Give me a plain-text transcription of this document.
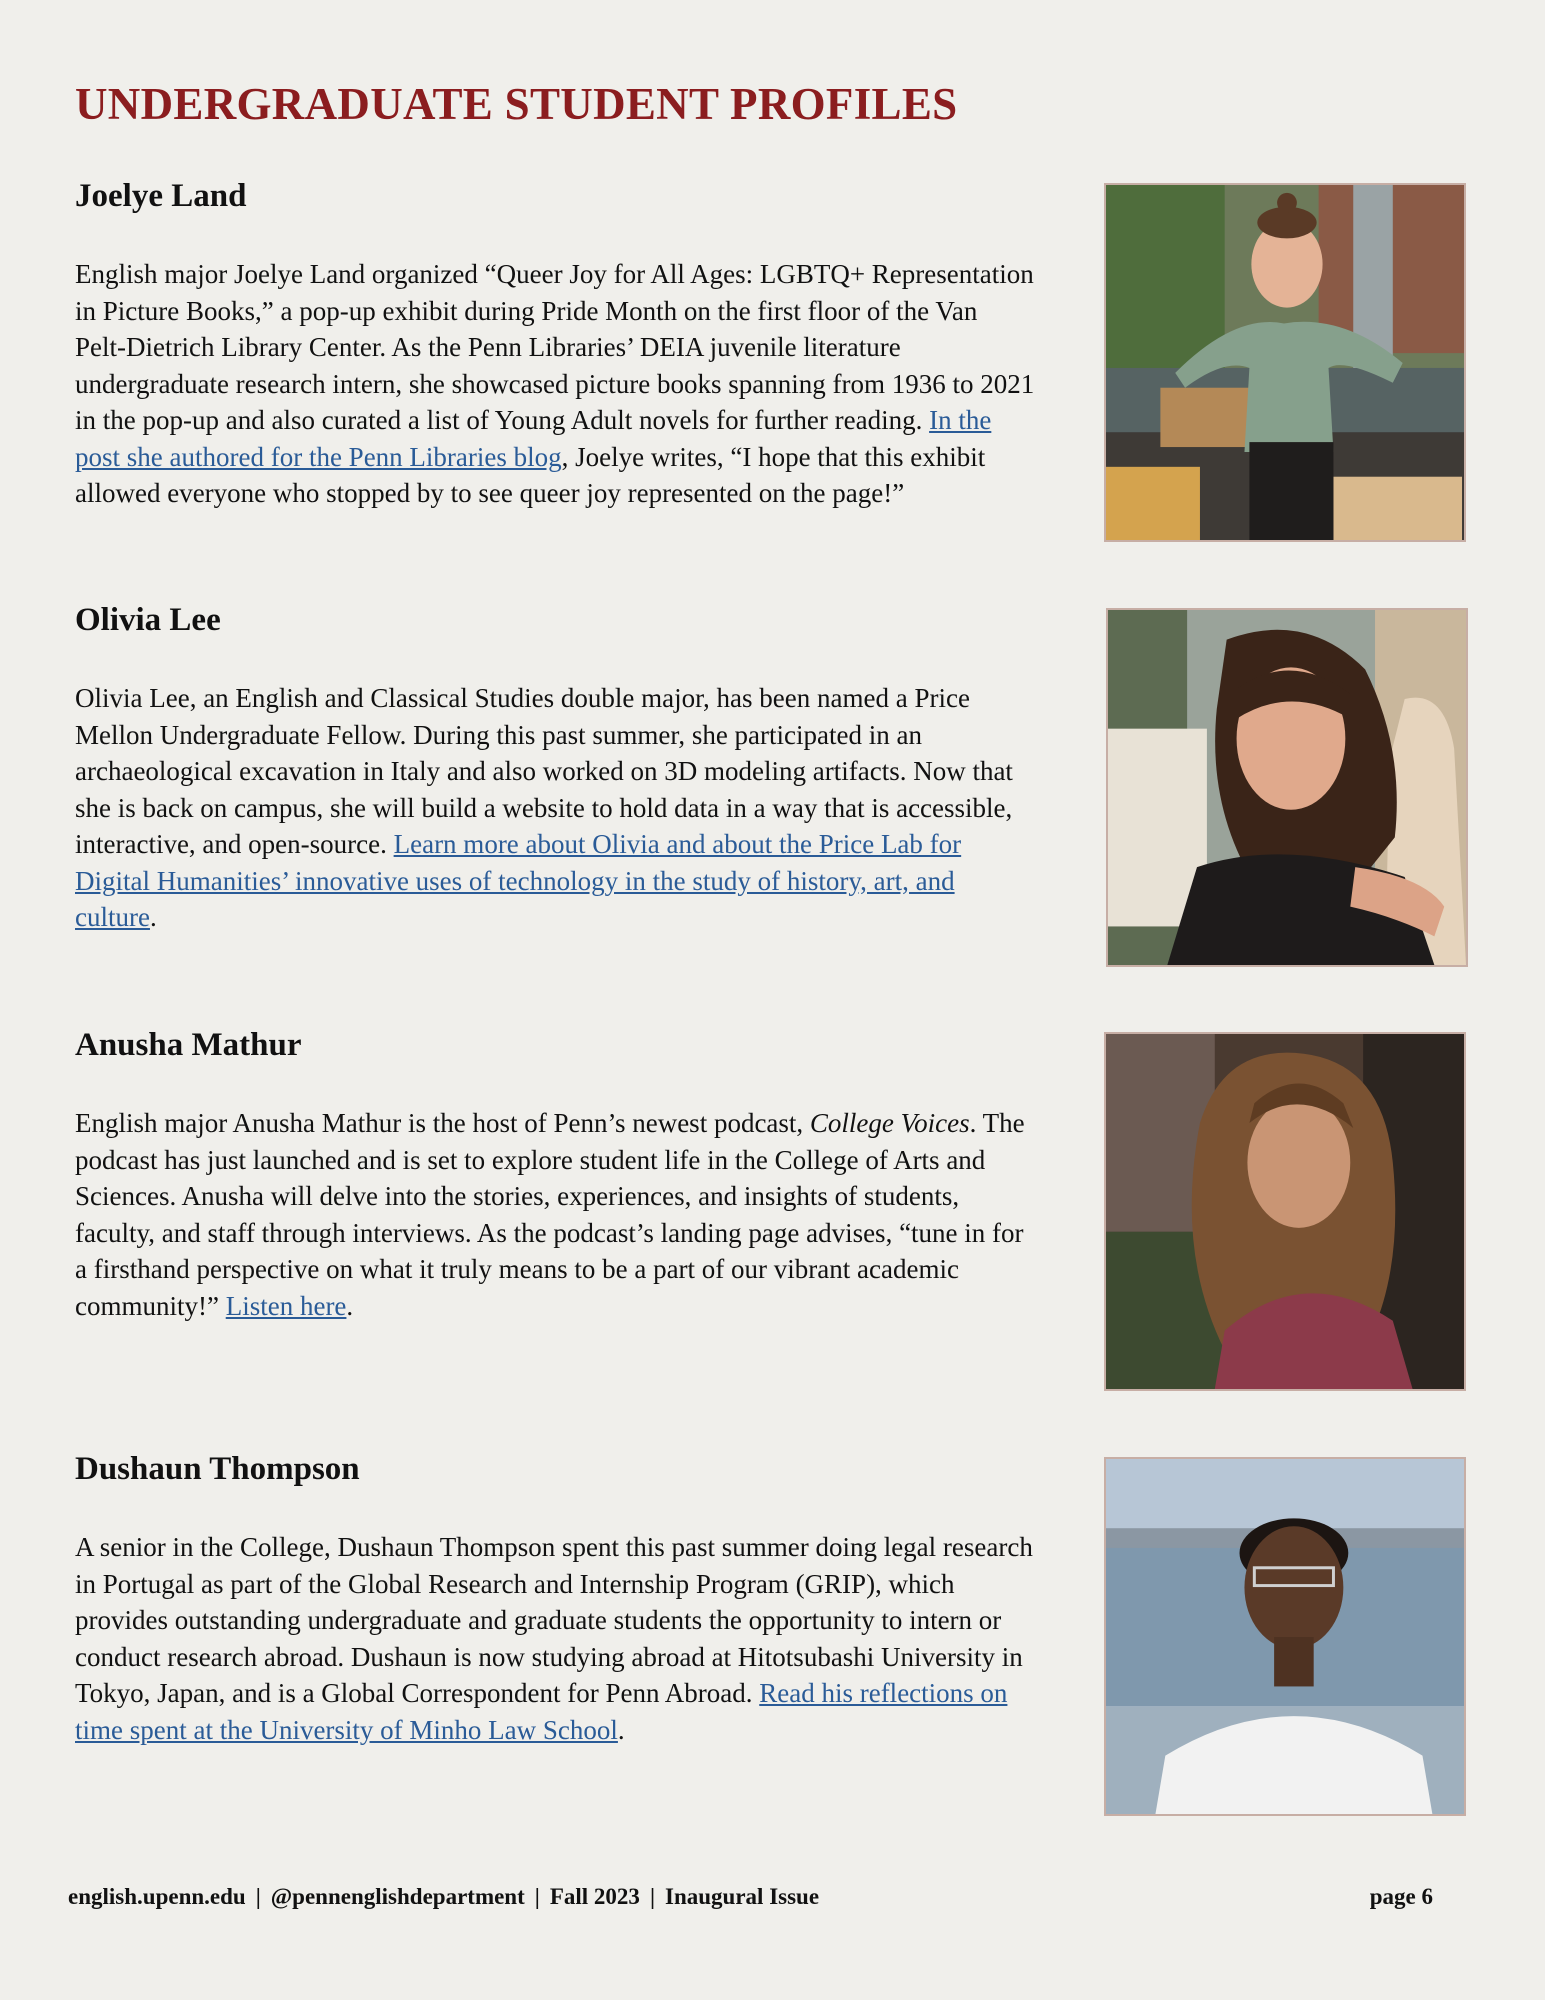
UNDERGRADUATE STUDENT PROFILES
Joelye Land

English major Joelye Land organized “Queer Joy for All Ages: LGBTQ+ Representation in Picture Books,” a pop-up exhibit during Pride Month on the first floor of the Van Pelt-Dietrich Library Center. As the Penn Libraries’ DEIA juvenile literature undergraduate research intern, she showcased picture books spanning from 1936 to 2021 in the pop-up and also curated a list of Young Adult novels for further reading. In the post she authored for the Penn Libraries blog, Joelye writes, “I hope that this exhibit allowed everyone who stopped by to see queer joy represented on the page!”

Olivia Lee

Olivia Lee, an English and Classical Studies double major, has been named a Price Mellon Undergraduate Fellow. During this past summer, she participated in an archaeological excavation in Italy and also worked on 3D modeling artifacts. Now that she is back on campus, she will build a website to hold data in a way that is accessible, interactive, and open-source. Learn more about Olivia and about the Price Lab for Digital Humanities’ innovative uses of technology in the study of history, art, and culture.

Anusha Mathur

English major Anusha Mathur is the host of Penn’s newest podcast, College Voices. The podcast has just launched and is set to explore student life in the College of Arts and Sciences. Anusha will delve into the stories, experiences, and insights of students, faculty, and staff through interviews. As the podcast’s landing page advises, “tune in for a firsthand perspective on what it truly means to be a part of our vibrant academic community!” Listen here.

Dushaun Thompson

A senior in the College, Dushaun Thompson spent this past summer doing legal research in Portugal as part of the Global Research and Internship Program (GRIP), which provides outstanding undergraduate and graduate students the opportunity to intern or conduct research abroad. Dushaun is now studying abroad at Hitotsubashi University in Tokyo, Japan, and is a Global Correspondent for Penn Abroad. Read his reflections on time spent at the University of Minho Law School.

english.upenn.edu | @pennenglishdepartment | Fall 2023 | Inaugural Issue	page 6
